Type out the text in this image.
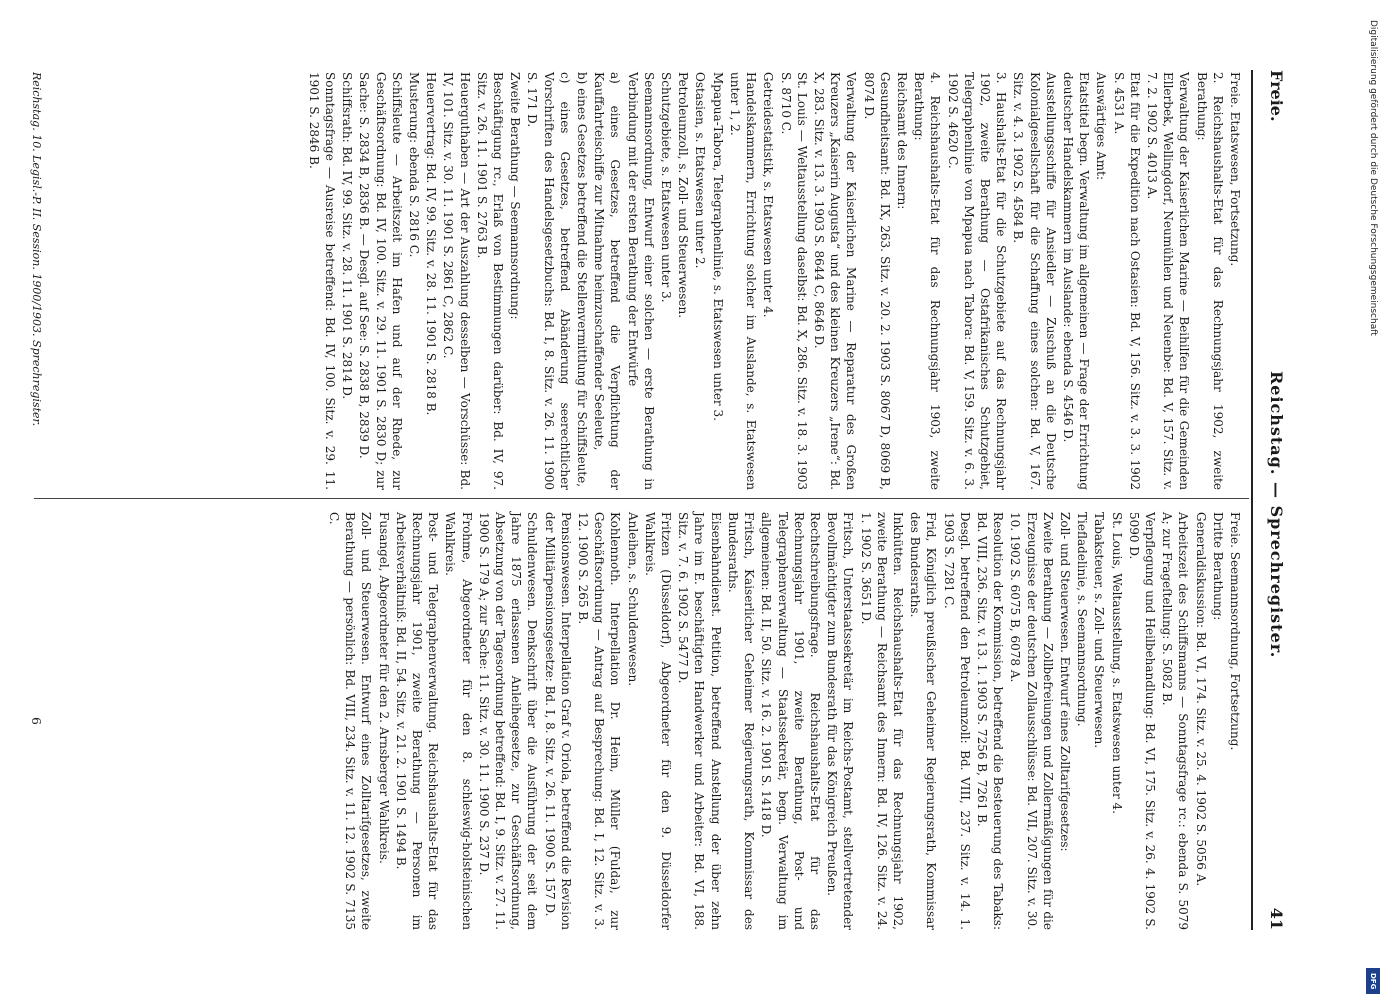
Freie.
Reichstag. — Sprechregister.
41

Freie. Etatswesen, Fortsetzung.

2. Reichshaushalts-Etat für das Rechnungsjahr 1902, zweite Berathung:

Verwaltung der Kaiserlichen Marine — Beihilfen für die Gemeinden Ellerbek, Wellingdorf, Neumühlen und Neuenbe: Bd. V, 157. Sitz. v. 7. 2. 1902 S. 4013 A.

Etat für die Expedition nach Ostasien: Bd. V, 156. Sitz. v. 3. 3. 1902 S. 4531 A.

Auswärtiges Amt:

Etatstitel begn. Verwaltung im allgemeinen — Frage der Errichtung deutscher Handelskammern im Auslande: ebenda S. 4546 D.

Ausstellungsschiffe für Ansiedler — Zuschuß an die Deutsche Kolonialgesellschaft für die Schaffung eines solchen: Bd. V, 167. Sitz. v. 4. 3. 1902 S. 4584 B.

3. Haushalts-Etat für die Schutzgebiete auf das Rechnungsjahr 1902, zweite Berathung — Ostafrikanisches Schutzgebiet, Telegraphenlinie von Mpapua nach Tabora: Bd. V, 159. Sitz. v. 6. 3. 1902 S. 4620 C.

4. Reichshaushalts-Etat für das Rechnungsjahr 1903, zweite Berathung:

Reichsamt des Innern:

Gesundheitsamt: Bd. IX, 263. Sitz. v. 20. 2. 1903 S. 8067 D, 8069 B, 8074 D.

Verwaltung der Kaiserlichen Marine — Reparatur des Großen Kreuzers „Kaiserin Augusta“ und des kleinen Kreuzers „Irene“: Bd. X, 283. Sitz. v. 13. 3. 1903 S. 8644 C, 8646 D.

St. Louis — Weltausstellung daselbst: Bd. X, 286. Sitz. v. 18. 3. 1903 S. 8710 C.

Getreidestatistik, s. Etatswesen unter 4.

Handelskammern, Errichtung solcher im Auslande, s. Etatswesen unter 1, 2.

Mpapua-Tabora, Telegraphenlinie, s. Etatswesen unter 3.

Ostasien, s. Etatswesen unter 2.

Petroleumzoll, s. Zoll- und Steuerwesen.

Schutzgebiete, s. Etatswesen unter 3.

Seemannsordnung, Entwurf einer solchen — erste Berathung in Verbindung mit der ersten Berathung der Entwürfe

a) eines Gesetzes, betreffend die Verpflichtung der Kauffahrteischiffe zur Mitnahme heimzuschaffender Seeleute,

b) eines Gesetzes betreffend die Stellenvermittlung für Schiffsleute,

c) eines Gesetzes, betreffend Abänderung seerechtlicher Vorschriften des Handelsgesetzbuchs: Bd. I, 8. Sitz. v. 26. 11. 1900 S. 171 D.

Zweite Berathung — Seemannsordnung:

Beschäftigung rc., Erlaß von Bestimmungen darüber: Bd. IV, 97. Sitz. v. 26. 11. 1901 S. 2763 B.

Heuerguthaben — Art der Auszahlung desselben — Vorschüsse: Bd. IV, 101. Sitz. v. 30. 11. 1901 S. 2861 C, 2862 C.

Heuervertrag: Bd. IV, 99. Sitz. v. 28. 11. 1901 S. 2818 B.

Musterung: ebenda S. 2816 C.

Schiffsleute — Arbeitszeit im Hafen und auf der Rhede, zur Geschäftsordnung: Bd. IV, 100. Sitz. v. 29. 11. 1901 S. 2830 D; zur Sache: S. 2834 B, 2836 B. — Desgl. auf See: S. 2838 B, 2839 D.

Schiffsrath: Bd. IV, 99. Sitz. v. 28. 11. 1901 S. 2814 D.

Sonntagsfrage — Ausreise betreffend: Bd. IV, 100. Sitz. v. 29. 11. 1901 S. 2846 B.

Freie. Seemannsordnung, Fortsetzung.

Dritte Berathung:

Generaldiskussion: Bd. VI, 174. Sitz. v. 25. 4. 1902 S. 5056 A.

Arbeitszeit des Schiffsmanns — Sonntagsfrage rc.: ebenda S. 5079 A; zur Frageſtellung: S. 5082 B.

Verpflegung und Heilbehandlung: Bd. VI, 175. Sitz. v. 26. 4. 1902 S. 5090 D.

St. Louis, Weltausstellung, s. Etatswesen unter 4.

Tabaksteuer, s. Zoll- und Steuerwesen.

Tiefladelinie, s. Seemannsordnung.

Zoll- und Steuerwesen. Entwurf eines Zolltarifgesetzes:

Zweite Berathung — Zollbefreiungen und Zollermäßigungen für die Erzeugnisse der deutschen Zollausschlüsse: Bd. VII, 207. Sitz. v. 30. 10. 1902 S. 6075 B, 6078 A.

Resolution der Kommission, betreffend die Besteuerung des Tabaks: Bd. VIII, 236. Sitz. v. 13. 1. 1903 S. 7256 B, 7261 B.

Desgl. betreffend den Petroleumzoll: Bd. VIII, 237. Sitz. v. 14. 1. 1903 S. 7281 C.

Frid, Königlich preußischer Geheimer Regierungsrath, Kommissar des Bundesraths.

Inkhütten. Reichshaushalts-Etat für das Rechnungsjahr 1902, zweite Berathung — Reichsamt des Innern: Bd. IV, 126. Sitz. v. 24. 1. 1902 S. 3651 D.

Fritsch, Unterstaatssekretär im Reichs-Postamt, stellvertretender Bevollmächtigter zum Bundesrath für das Königreich Preußen.

Rechtschreibungsfrage. Reichshaushalts-Etat für das Rechnungsjahr 1901, zweite Berathung, Post- und Telegraphenverwaltung — Staatssekretär, begn. Verwaltung im allgemeinen: Bd. II, 50. Sitz. v. 16. 2. 1901 S. 1418 D.

Fritsch, Kaiserlicher Geheimer Regierungsrath, Kommissar des Bundesraths.

Eisenbahndienst. Petition, betreffend Anstellung der über zehn Jahre im E. beschäftigten Handwerker und Arbeiter: Bd. VI, 188. Sitz. v. 7. 6. 1902 S. 5477 D.

Fritzen (Düsseldorf), Abgeordneter für den 9. Düsseldorfer Wahlkreis.

Anleihen, s. Schuldenwesen.

Kohlennoth. Interpellation Dr. Heim, Müller (Fulda), zur Geschäftsordnung — Antrag auf Besprechung: Bd. I, 12. Sitz. v. 3. 12. 1900 S. 265 B.

Pensionswesen. Interpellation Graf v. Oriola, betreffend die Revision der Militärpensionsgesetze: Bd. I, 8. Sitz. v. 26. 11. 1900 S. 157 D.

Schuldenwesen. Denkschrift über die Ausführung der seit dem Jahre 1875 erlassenen Anleihegesetze, zur Geschäftsordnung, Absetzung von der Tagesordnung betreffend: Bd. I, 9. Sitz. v. 27. 11. 1900 S. 179 A; zur Sache: 11. Sitz. v. 30. 11. 1900 S. 237 D.

Frohme, Abgeordneter für den 8. schleswig-holsteinischen Wahlkreis.

Post- und Telegraphenverwaltung. Reichshaushalts-Etat für das Rechnungsjahr 1901, zweite Berathung — Personen im Arbeitsverhältniß: Bd. II, 54. Sitz. v. 21. 2. 1901 S. 1494 B.

Fusangel, Abgeordneter für den 2. Arnsberger Wahlkreis.

Zoll- und Steuerwesen. Entwurf eines Zolltarifgesetzes, zweite Berathung — persönlich: Bd. VIII, 234. Sitz. v. 11. 12. 1902 S. 7135 C.

Reichstag. 10. Legisl.-P. II. Session. 1900/1903. Sprechregister.
6
Digitalisierung gefördert durch die Deutsche Forschungsgemeinschaft
DFG
